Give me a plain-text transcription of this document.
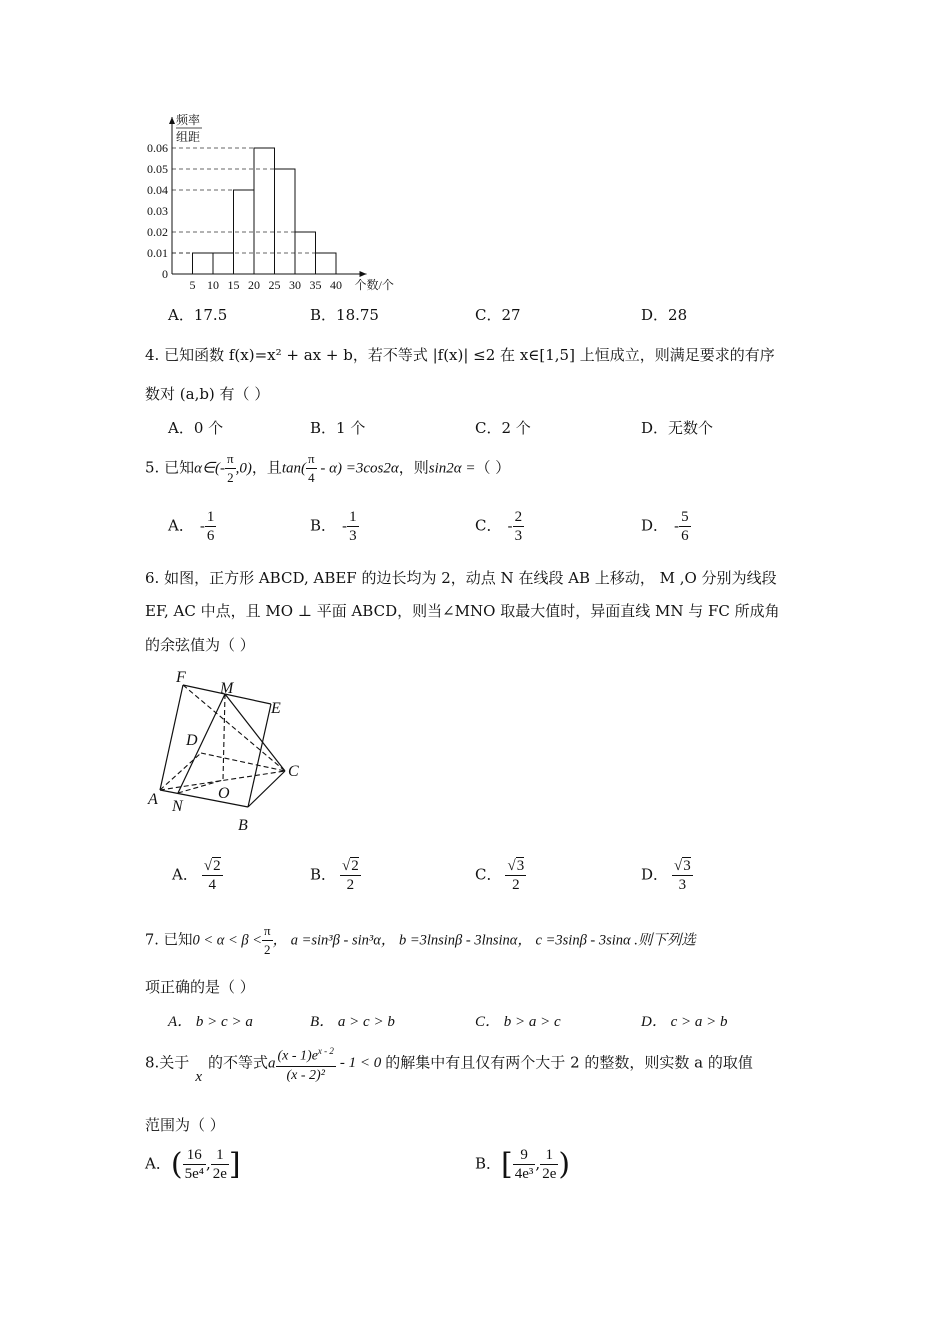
0
0.01
0.02
0.03
0.04
0.05
0.06
5 10 15 20 25 30 35 40 个数/个
频率
组距
A．17.5	B．18.75	C．27	D．28
4. 已知函数 f(x)=x² + ax + b，若不等式 |f(x)| ≤2 在 x∈[1,5] 上恒成立，则满足要求的有序
数对 (a,b) 有（ ）
A．0 个	B．1 个	C．2 个	D．无数个
5. 已知α∈(- $\frac{\pi}{2} ,0$)，且$\tan( \frac{\pi}{4} - \alpha) =3\cos 2\alpha$，则sin2α =（ ）
A． - $\frac{1}{6}$	B． - $\frac{1}{3}$	C． - $\frac{2}{3}$	D． - $\frac{5}{6}$
6. 如图，正方形 ABCD, ABEF 的边长均为 2，动点 N 在线段 AB 上移动， M ,O 分别为线段
EF, AC 中点，且 MO ⊥ 平面 ABCD，则当∠MNO 取最大值时，异面直线 MN 与 FC 所成角
的余弦值为（ ）
F
M
E
D
C
A N
O
B
A． $\frac{√2}{4}$	B． $\frac{√2}{2}$	C． $\frac{√3}{2}$	D． $\frac{√3}{3}$
7. 已知$0 < \alpha < \beta < \frac{\pi}{2}$ ， a =sin³β - sin³α， b =3lnsinβ - 3lnsinα， c =3sinβ - 3sinα .则下列选
项正确的是（ ）
A． b > c > a	B． a > c > b	C． b > a > c	D． c > a > b
8.关于x的不等式a $\frac{(x - 1)e^{x - 2}}{\text{(x - 2)²}} - 1 < 0$ 的解集中有且仅有两个大于 2 的整数，则实数 a 的取值
范围为（ ）
A．( $\frac{16}{\text{5e⁴}}$ , $\frac{1}{2e}$ ]	B．[ $\frac{9}{\text{4e³}}$ , $\frac{1}{2e}$ )
